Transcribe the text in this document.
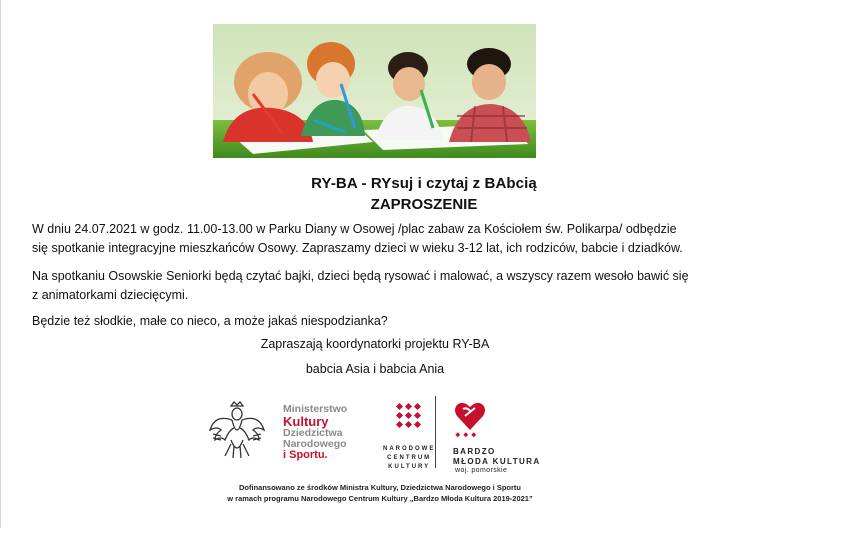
RY-BA - RYsuj i czytaj z BAbcią
ZAPROSZENIE
W dniu 24.07.2021 w godz. 11.00-13.00 w Parku Diany w Osowej /plac zabaw za Kościołem św. Polikarpa/ odbędzie
się spotkanie integracyjne mieszkańców Osowy. Zapraszamy dzieci w wieku 3-12 lat, ich rodziców, babcie i dziadków.
Na spotkaniu Osowskie Seniorki będą czytać bajki, dzieci będą rysować i malować, a wszyscy razem wesoło bawić się
z animatorkami dziecięcymi.
Będzie też słodkie, małe co nieco, a może jakaś niespodzianka?
Zapraszają koordynatorki projektu RY-BA
babcia Asia i babcia Ania
Ministerstwo
Kultury
Dziedzictwa
Narodowego
i Sportu.	NARODOWE
CENTRUM
KULTURY
BARDZO
MŁODA KULTURA
woj. pomorskie
Dofinansowano ze środków Ministra Kultury, Dziedzictwa Narodowego i Sportu
w ramach programu Narodowego Centrum Kultury „Bardzo Młoda Kultura 2019-2021”
